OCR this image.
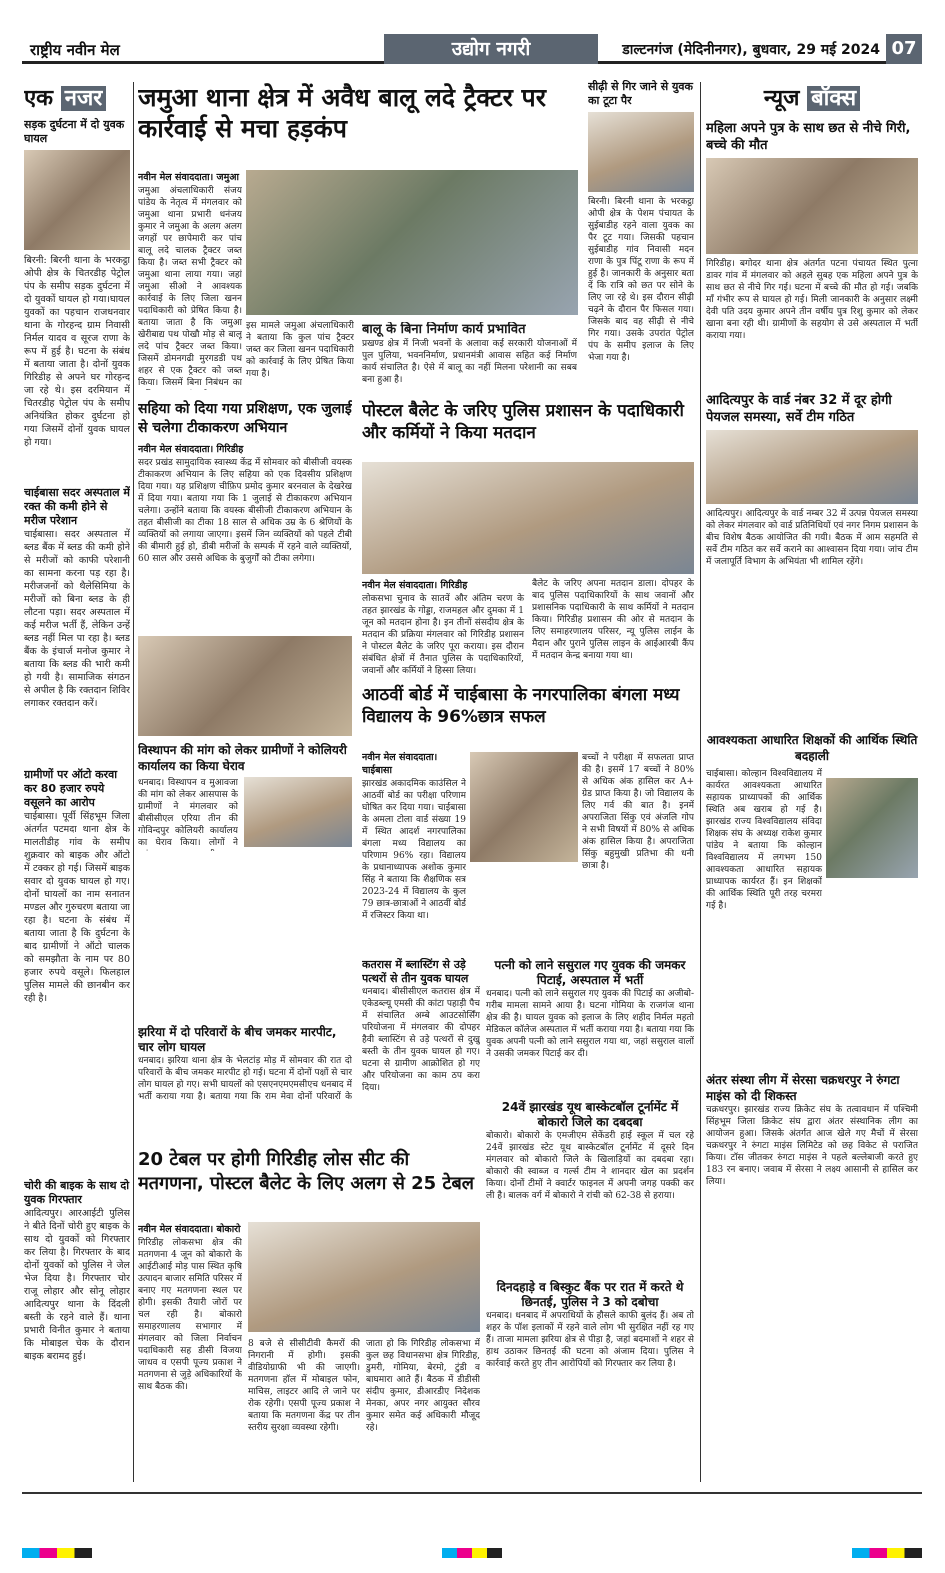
राष्ट्रीय नवीन मेल	उद्योग नगरी	डाल्टनगंज (मेदिनीनगर), बुधवार, 29 मई 2024 07
एक नजर
सड़क दुर्घटना में दो युवक घायल
बिरनी: बिरनी थाना के भरकट्ठा ओपी क्षेत्र के चितरडीह पेट्रोल पंप के समीप सड़क दुर्घटना में दो युवकों घायल हो गया।घायल युवकों का पहचान राजधनवार थाना के गोरहन्द ग्राम निवासी निर्मल यादव व सूरज राणा के रूप में हुई है। घटना के संबंध में बताया जाता है। दोनों युवक गिरिडीह से अपने घर गोरहन्द जा रहे थे। इस दरमियान में चितरडीह पेट्रोल पंप के समीप अनियंत्रित होकर दुर्घटना हो गया जिसमें दोनों युवक घायल हो गया।
चाईबासा सदर अस्पताल में रक्त की कमी होने से मरीज परेशान
चाईबासा। सदर अस्पताल में ब्लड बैंक में ब्लड की कमी होने से मरीजों को काफी परेशानी का सामना करना पड़ रहा है। मरीजजनों को थैलेसिमिया के मरीजों को बिना ब्लड के ही लौटना पड़ा। सदर अस्पताल में कई मरीज भर्ती हैं, लेकिन उन्हें ब्लड नहीं मिल पा रहा है। ब्लड बैंक के इंचार्ज मनोज कुमार ने बताया कि ब्लड की भारी कमी हो गयी है। सामाजिक संगठन से अपील है कि रक्तदान शिविर लगाकर रक्तदान करें।
ग्रामीणों पर ऑटो करवा कर 80 हजार रुपये वसूलने का आरोप
चाईबासा। पूर्वी सिंहभूम जिला अंतर्गत पटमदा थाना क्षेत्र के मालतीडीह गांव के समीप शुक्रवार को बाइक और ऑटो में टक्कर हो गई। जिसमें बाइक सवार दो युवक घायल हो गए। दोनों घायलों का नाम सनातन मण्डल और गुरुचरण बताया जा रहा है। घटना के संबंध में बताया जाता है कि दुर्घटना के बाद ग्रामीणों ने ऑटो चालक को समझौता के नाम पर 80 हजार रुपये वसूले। फिलहाल पुलिस मामले की छानबीन कर रही है।
चोरी की बाइक के साथ दो युवक गिरफ्तार
आदित्यपुर। आरआईटी पुलिस ने बीते दिनों चोरी हुए बाइक के साथ दो युवकों को गिरफ्तार कर लिया है। गिरफ्तार के बाद दोनों युवकों को पुलिस ने जेल भेज दिया है। गिरफ्तार चोर राजू लोहार और सोनू लोहार आदित्यपुर थाना के दिंदली बस्ती के रहने वाले हैं। थाना प्रभारी विनीत कुमार ने बताया कि मोबाइल चेक के दौरान बाइक बरामद हुई।
जमुआ थाना क्षेत्र में अवैध बालू लदे ट्रैक्टर पर कार्रवाई से मचा हड़कंप
नवीन मेल संवाददाता। जमुआ
जमुआ अंचलाधिकारी संजय पांडेय के नेतृत्व में मंगलवार को जमुआ थाना प्रभारी धनंजय कुमार ने जमुआ के अलग अलग जगहों पर छापेमारी कर पांच बालू लदे चालक ट्रैक्टर जब्त किया है। जब्त सभी ट्रैक्टर को जमुआ थाना लाया गया। जहां जमुआ सीओ ने आवश्यक कार्रवाई के लिए जिला खनन पदाधिकारी को प्रेषित किया है। बताया जाता है कि जमुआ खेरीबाद्य पथ पोखौ मोड़ से बालू लदे पांच ट्रैक्टर जब्त किया। जिसमें डोमनगढी मुरगडडी पथ शहर से एक ट्रैक्टर को जब्त किया। जिसमें बिना निबंधन का
इस मामले जमुआ अंचलाधिकारी ने बताया कि कुल पांच ट्रैक्टर जब्त कर जिला खनन पदाधिकारी को कार्रवाई के लिए प्रेषित किया गया है।
बालू के बिना निर्माण कार्य प्रभावित
प्रखण्ड क्षेत्र में निजी भवनों के अलावा कई सरकारी योजनाओं में पुल पुलिया, भवननिर्माण, प्रधानमंत्री आवास सहित कई निर्माण कार्य संचालित है। ऐसे में बालू का नहीं मिलना परेशानी का सबब बना हुआ है।
सीढ़ी से गिर जाने से युवक का टूटा पैर
बिरनी। बिरनी थाना के भरकट्ठा ओपी क्षेत्र के पेशम पंचायत के सुईबाडीह रहने वाला युवक का पैर टूट गया। जिसकी पहचान सुईबाडीह गांव निवासी मदन राणा के पुत्र पिंटू राणा के रूप में हुई है। जानकारी के अनुसार बता दें कि रात्रि को छत पर सोने के लिए जा रहे थे। इस दौरान सीढ़ी चढ़ने के दौरान पैर फिसल गया। जिसके बाद वह सीढ़ी से नीचे गिर गया। उसके उपरांत पेट्रोल पंप के समीप इलाज के लिए भेजा गया है।
न्यूज बॉक्स
महिला अपने पुत्र के साथ छत से नीचे गिरी, बच्चे की मौत
गिरिडीह। बगोदर थाना क्षेत्र अंतर्गत पटना पंचायत स्थित पुत्ना डावर गांव में मंगलवार को अहले सुबह एक महिला अपने पुत्र के साथ छत से नीचे गिर गई। घटना में बच्चे की मौत हो गई। जबकि माँ गंभीर रूप से घायल हो गई। मिली जानकारी के अनुसार लक्ष्मी देवी पति उदय कुमार अपने तीन वर्षीय पुत्र रिशु कुमार को लेकर खाना बना रही थी। ग्रामीणों के सहयोग से उसे अस्पताल में भर्ती कराया गया।
आदित्यपुर के वार्ड नंबर 32 में दूर होगी पेयजल समस्या, सर्वे टीम गठित
आदित्यपुर। आदित्यपुर के वार्ड नम्बर 32 में उत्पन्न पेयजल समस्या को लेकर मंगलवार को वार्ड प्रतिनिधियों एवं नगर निगम प्रशासन के बीच विशेष बैठक आयोजित की गयी। बैठक में आम सहमति से सर्वे टीम गठित कर सर्वे कराने का आश्वासन दिया गया। जांच टीम में जलापूर्ति विभाग के अभियंता भी शामिल रहेंगे।
आवश्यकता आधारित शिक्षकों की आर्थिक स्थिति बदहाली
चाईबासा। कोल्हान विश्वविद्यालय में कार्यरत आवश्यकता आधारित सहायक प्राध्यापकों की आर्थिक स्थिति अब खराब हो गई है। झारखंड राज्य विश्वविद्यालय संविदा शिक्षक संघ के अध्यक्ष राकेश कुमार पांडेय ने बताया कि कोल्हान विश्वविद्यालय में लगभग 150 आवश्यकता आधारित सहायक प्राध्यापक कार्यरत हैं। इन शिक्षकों की आर्थिक स्थिति पूरी तरह चरमरा गई है।
अंतर संस्था लीग में सेरसा चक्रधरपुर ने रुंगटा माइंस को दी शिकस्त
चक्रधरपुर। झारखंड राज्य क्रिकेट संघ के तत्वावधान में पश्चिमी सिंहभूम जिला क्रिकेट संघ द्वारा अंतर संस्थानिक लीग का आयोजन हुआ। जिसके अंतर्गत आज खेले गए मैचों में सेरसा चक्रधरपुर ने रुंगटा माइंस लिमिटेड को छह विकेट से पराजित किया। टॉस जीतकर रुंगटा माइंस ने पहले बल्लेबाजी करते हुए 183 रन बनाए। जवाब में सेरसा ने लक्ष्य आसानी से हासिल कर लिया।
सहिया को दिया गया प्रशिक्षण, एक जुलाई से चलेगा टीकाकरण अभियान
नवीन मेल संवाददाता। गिरिडीह
सदर प्रखंड सामुदायिक स्वास्थ्य केंद्र में सोमवार को बीसीजी वयस्क टीकाकरण अभियान के लिए सहिया को एक दिवसीय प्रशिक्षण दिया गया। यह प्रशिक्षण चीफ़िप प्रमोद कुमार बरनवाल के देखरेख में दिया गया। बताया गया कि 1 जुलाई से टीकाकरण अभियान चलेगा। उन्होंने बताया कि वयस्क बीसीजी टीकाकरण अभियान के तहत बीसीजी का टीका 18 साल से अधिक उम्र के 6 श्रेणियों के व्यक्तियों को लगाया जाएगा। इसमें जिन व्यक्तियों को पहले टीबी की बीमारी हुई हो, डीबी मरीजों के सम्पर्क में रहने वाले व्यक्तियों, 60 साल और उससे अधिक के बुजुर्गों को टीका लगेगा।
विस्थापन की मांग को लेकर ग्रामीणों ने कोलियरी कार्यालय का किया घेराव
धनबाद। विस्थापन व मुआवजा की मांग को लेकर आसपास के ग्रामीणों ने मंगलवार को बीसीसीएल एरिया तीन की गोविन्दपुर कोलियरी कार्यालय का घेराव किया। लोगों ने
झरिया में दो परिवारों के बीच जमकर मारपीट, चार लोग घायल
धनबाद। झरिया थाना क्षेत्र के भेलटांड़ मोड़ में सोमवार की रात दो परिवारों के बीच जमकर मारपीट हो गई। घटना में दोनों पक्षों से चार लोग घायल हो गए। सभी घायलों को एसएनएमएमसीएच धनबाद में भर्ती कराया गया है। बताया गया कि राम मेवा दोनों परिवारों के
पोस्टल बैलेट के जरिए पुलिस प्रशासन के पदाधिकारी और कर्मियों ने किया मतदान
नवीन मेल संवाददाता। गिरिडीह
लोकसभा चुनाव के सातवें और अंतिम चरण के तहत झारखंड के गोड्डा, राजमहल और दुमका में 1 जून को मतदान होना है। इन तीनों संसदीय क्षेत्र के मतदान की प्रक्रिया मंगलवार को गिरिडीह प्रशासन ने पोस्टल बैलेट के जरिए पूरा कराया। इस दौरान संबंधित क्षेत्रों में तैनात पुलिस के पदाधिकारियों, जवानों और कर्मियों ने हिस्सा लिया।
बैलेट के जरिए अपना मतदान डाला। दोपहर के बाद पुलिस पदाधिकारियों के साथ जवानों और प्रशासनिक पदाधिकारी के साथ कर्मियों ने मतदान किया। गिरिडीह प्रशासन की ओर से मतदान के लिए समाहरणालय परिसर, न्यू पुलिस लाईन के मैदान और पुराने पुलिस लाइन के आईआरबी कैंप में मतदान केन्द्र बनाया गया था।
आठवीं बोर्ड में चाईबासा के नगरपालिका बंगला मध्य विद्यालय के 96%छात्र सफल
नवीन मेल संवाददाता। चाईबासा
झारखंड अकादमिक काउंसिल ने आठवीं बोर्ड का परीक्षा परिणाम घोषित कर दिया गया। चाईबासा के अमला टोला वार्ड संख्या 19 में स्थित आदर्श नगरपालिका बंगला मध्य विद्यालय का परिणाम 96% रहा। विद्यालय के प्रधानाध्यापक अशोक कुमार सिंह ने बताया कि शैक्षणिक सत्र 2023-24 में विद्यालय के कुल 79 छात्र-छात्राओं ने आठवीं बोर्ड में रजिस्टर किया था।
बच्चों ने परीक्षा में सफलता प्राप्त की है। इसमें 17 बच्चों ने 80% से अधिक अंक हासिल कर A+ ग्रेड प्राप्त किया है। जो विद्यालय के लिए गर्व की बात है। इनमें अपराजिता सिंकु एवं अंजलि गोप ने सभी विषयों में 80% से अधिक अंक हासिल किया है। अपराजिता सिंकु बहुमुखी प्रतिभा की धनी छात्रा है।
कतरास में ब्लास्टिंग से उड़े पत्थरों से तीन युवक घायल
धनबाद। बीसीसीएल कतरास क्षेत्र में एकेडब्ल्यू एमसी की कांटा पहाड़ी पैच में संचालित अम्बे आउटसोर्सिंग परियोजना में मंगलवार की दोपहर हैवी ब्लास्टिंग से उड़े पत्थरों से दुखु बस्ती के तीन युवक घायल हो गए। घटना से ग्रामीण आक्रोशित हो गए और परियोजना का काम ठप करा दिया।
पत्नी को लाने ससुराल गए युवक की जमकर पिटाई, अस्पताल में भर्ती
धनबाद। पत्नी को लाने ससुराल गए युवक की पिटाई का अजीबो-गरीब मामला सामने आया है। घटना गोमिया के राजगंज थाना क्षेत्र की है। घायल युवक को इलाज के लिए शहीद निर्मल महतो मेडिकल कॉलेज अस्पताल में भर्ती कराया गया है। बताया गया कि युवक अपनी पत्नी को लाने ससुराल गया था, जहां ससुराल वालों ने उसकी जमकर पिटाई कर दी।
24वें झारखंड यूथ बास्केटबॉल टूर्नामेंट में बोकारो जिले का दबदबा
बोकारो। बोकारो के एमजीएम सेकेंडरी हाई स्कूल में चल रहे 24वें झारखंड स्टेट यूथ बास्केटबॉल टूर्नामेंट में दूसरे दिन मंगलवार को बोकारो जिले के खिलाड़ियों का दबदबा रहा। बोकारो की स्वाब्ज व गर्ल्स टीम ने शानदार खेल का प्रदर्शन किया। दोनों टीमों ने क्वार्टर फाइनल में अपनी जगह पक्की कर ली है। बालक वर्ग में बोकारो ने रांची को 62-38 से हराया।
दिनदहाड़े व बिस्कुट बैंक पर रात में करते थे छिनतई, पुलिस ने 3 को दबोचा
धनबाद। धनबाद में अपराधियों के हौसले काफी बुलंद हैं। अब तो शहर के पॉश इलाकों में रहने वाले लोग भी सुरक्षित नहीं रह गए हैं। ताजा मामला झरिया क्षेत्र से पीड़ा है, जहां बदमाशों ने शहर से हाथ उठाकर छिनतई की घटना को अंजाम दिया। पुलिस ने कार्रवाई करते हुए तीन आरोपियों को गिरफ्तार कर लिया है।
20 टेबल पर होगी गिरिडीह लोस सीट की मतगणना, पोस्टल बैलेट के लिए अलग से 25 टेबल
नवीन मेल संवाददाता। बोकारो
गिरिडीह लोकसभा क्षेत्र की मतगणना 4 जून को बोकारो के आईटीआई मोड़ पास स्थित कृषि उत्पादन बाजार समिति परिसर में बनाए गए मतगणना स्थल पर होगी। इसकी तैयारी जोरों पर चल रही है। बोकारो समाहरणालय सभागार में मंगलवार को जिला निर्वाचन पदाधिकारी सह डीसी विजया जाधव व एसपी पूज्य प्रकाश ने मतगणना से जुड़े अधिकारियों के साथ बैठक की।
8 बजे से सीसीटीवी कैमरों की निगरानी में होगी। इसकी वीडियोग्राफी भी की जाएगी। मतगणना हॉल में मोबाइल फोन, माचिस, लाइटर आदि ले जाने पर रोक रहेगी। एसपी पूज्य प्रकाश ने बताया कि मतगणना केंद्र पर तीन स्तरीय सुरक्षा व्यवस्था रहेगी।
जाता हो कि गिरिडीह लोकसभा में कुल छह विधानसभा क्षेत्र गिरिडीह, डुमरी, गोमिया, बेरमो, टुंडी व बाघमारा आते हैं। बैठक में डीडीसी संदीप कुमार, डीआरडीए निदेशक मेनका, अपर नगर आयुक्त सौरव कुमार समेत कई अधिकारी मौजूद रहे।
